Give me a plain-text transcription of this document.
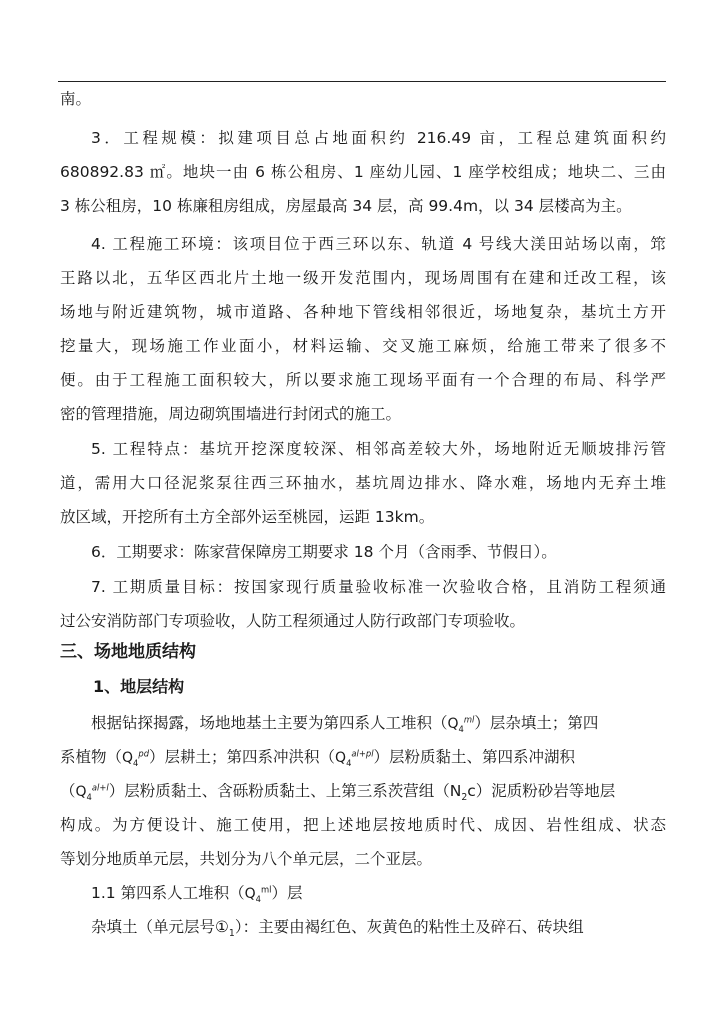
南。
3．工程规模：拟建项目总占地面积约 216.49 亩，工程总建筑面积约
680892.83 ㎡。地块一由 6 栋公租房、1 座幼儿园、1 座学校组成；地块二、三由
3 栋公租房，10 栋廉租房组成，房屋最高 34 层，高 99.4m，以 34 层楼高为主。
4. 工程施工环境：该项目位于西三环以东、轨道 4 号线大渼田站场以南，筇
王路以北，五华区西北片土地一级开发范围内，现场周围有在建和迁改工程，该
场地与附近建筑物，城市道路、各种地下管线相邻很近，场地复杂，基坑土方开
挖量大，现场施工作业面小，材料运输、交叉施工麻烦，给施工带来了很多不
便。由于工程施工面积较大，所以要求施工现场平面有一个合理的布局、科学严
密的管理措施，周边砌筑围墙进行封闭式的施工。
5. 工程特点：基坑开挖深度较深、相邻高差较大外，场地附近无顺坡排污管
道，需用大口径泥浆泵往西三环抽水，基坑周边排水、降水难，场地内无弃土堆
放区域，开挖所有土方全部外运至桃园，运距 13km。
6．工期要求：陈家营保障房工期要求 18 个月（含雨季、节假日）。
7. 工期质量目标：按国家现行质量验收标准一次验收合格，且消防工程须通
过公安消防部门专项验收，人防工程须通过人防行政部门专项验收。
三、场地地质结构
1、地层结构
根据钻探揭露，场地地基土主要为第四系人工堆积$(Q_4^{ml})$层杂填土；第四
系植物$(Q_4^{pd})$层耕土；第四系冲洪积$(Q_4^{al+pl})$层粉质黏土、第四系冲湖积
$(Q_4^{al+l})$层粉质黏土、含砾粉质黏土、上第三系茨营组$(N_2c)$泥质粉砂岩等地层
构成。为方便设计、施工使用，把上述地层按地质时代、成因、岩性组成、状态
等划分地质单元层，共划分为八个单元层，二个亚层。
1.1 第四系人工堆积$(Q_4^{ml})$层
杂填土（单元层号$①_1$）：主要由褐红色、灰黄色的粘性土及碎石、砖块组
